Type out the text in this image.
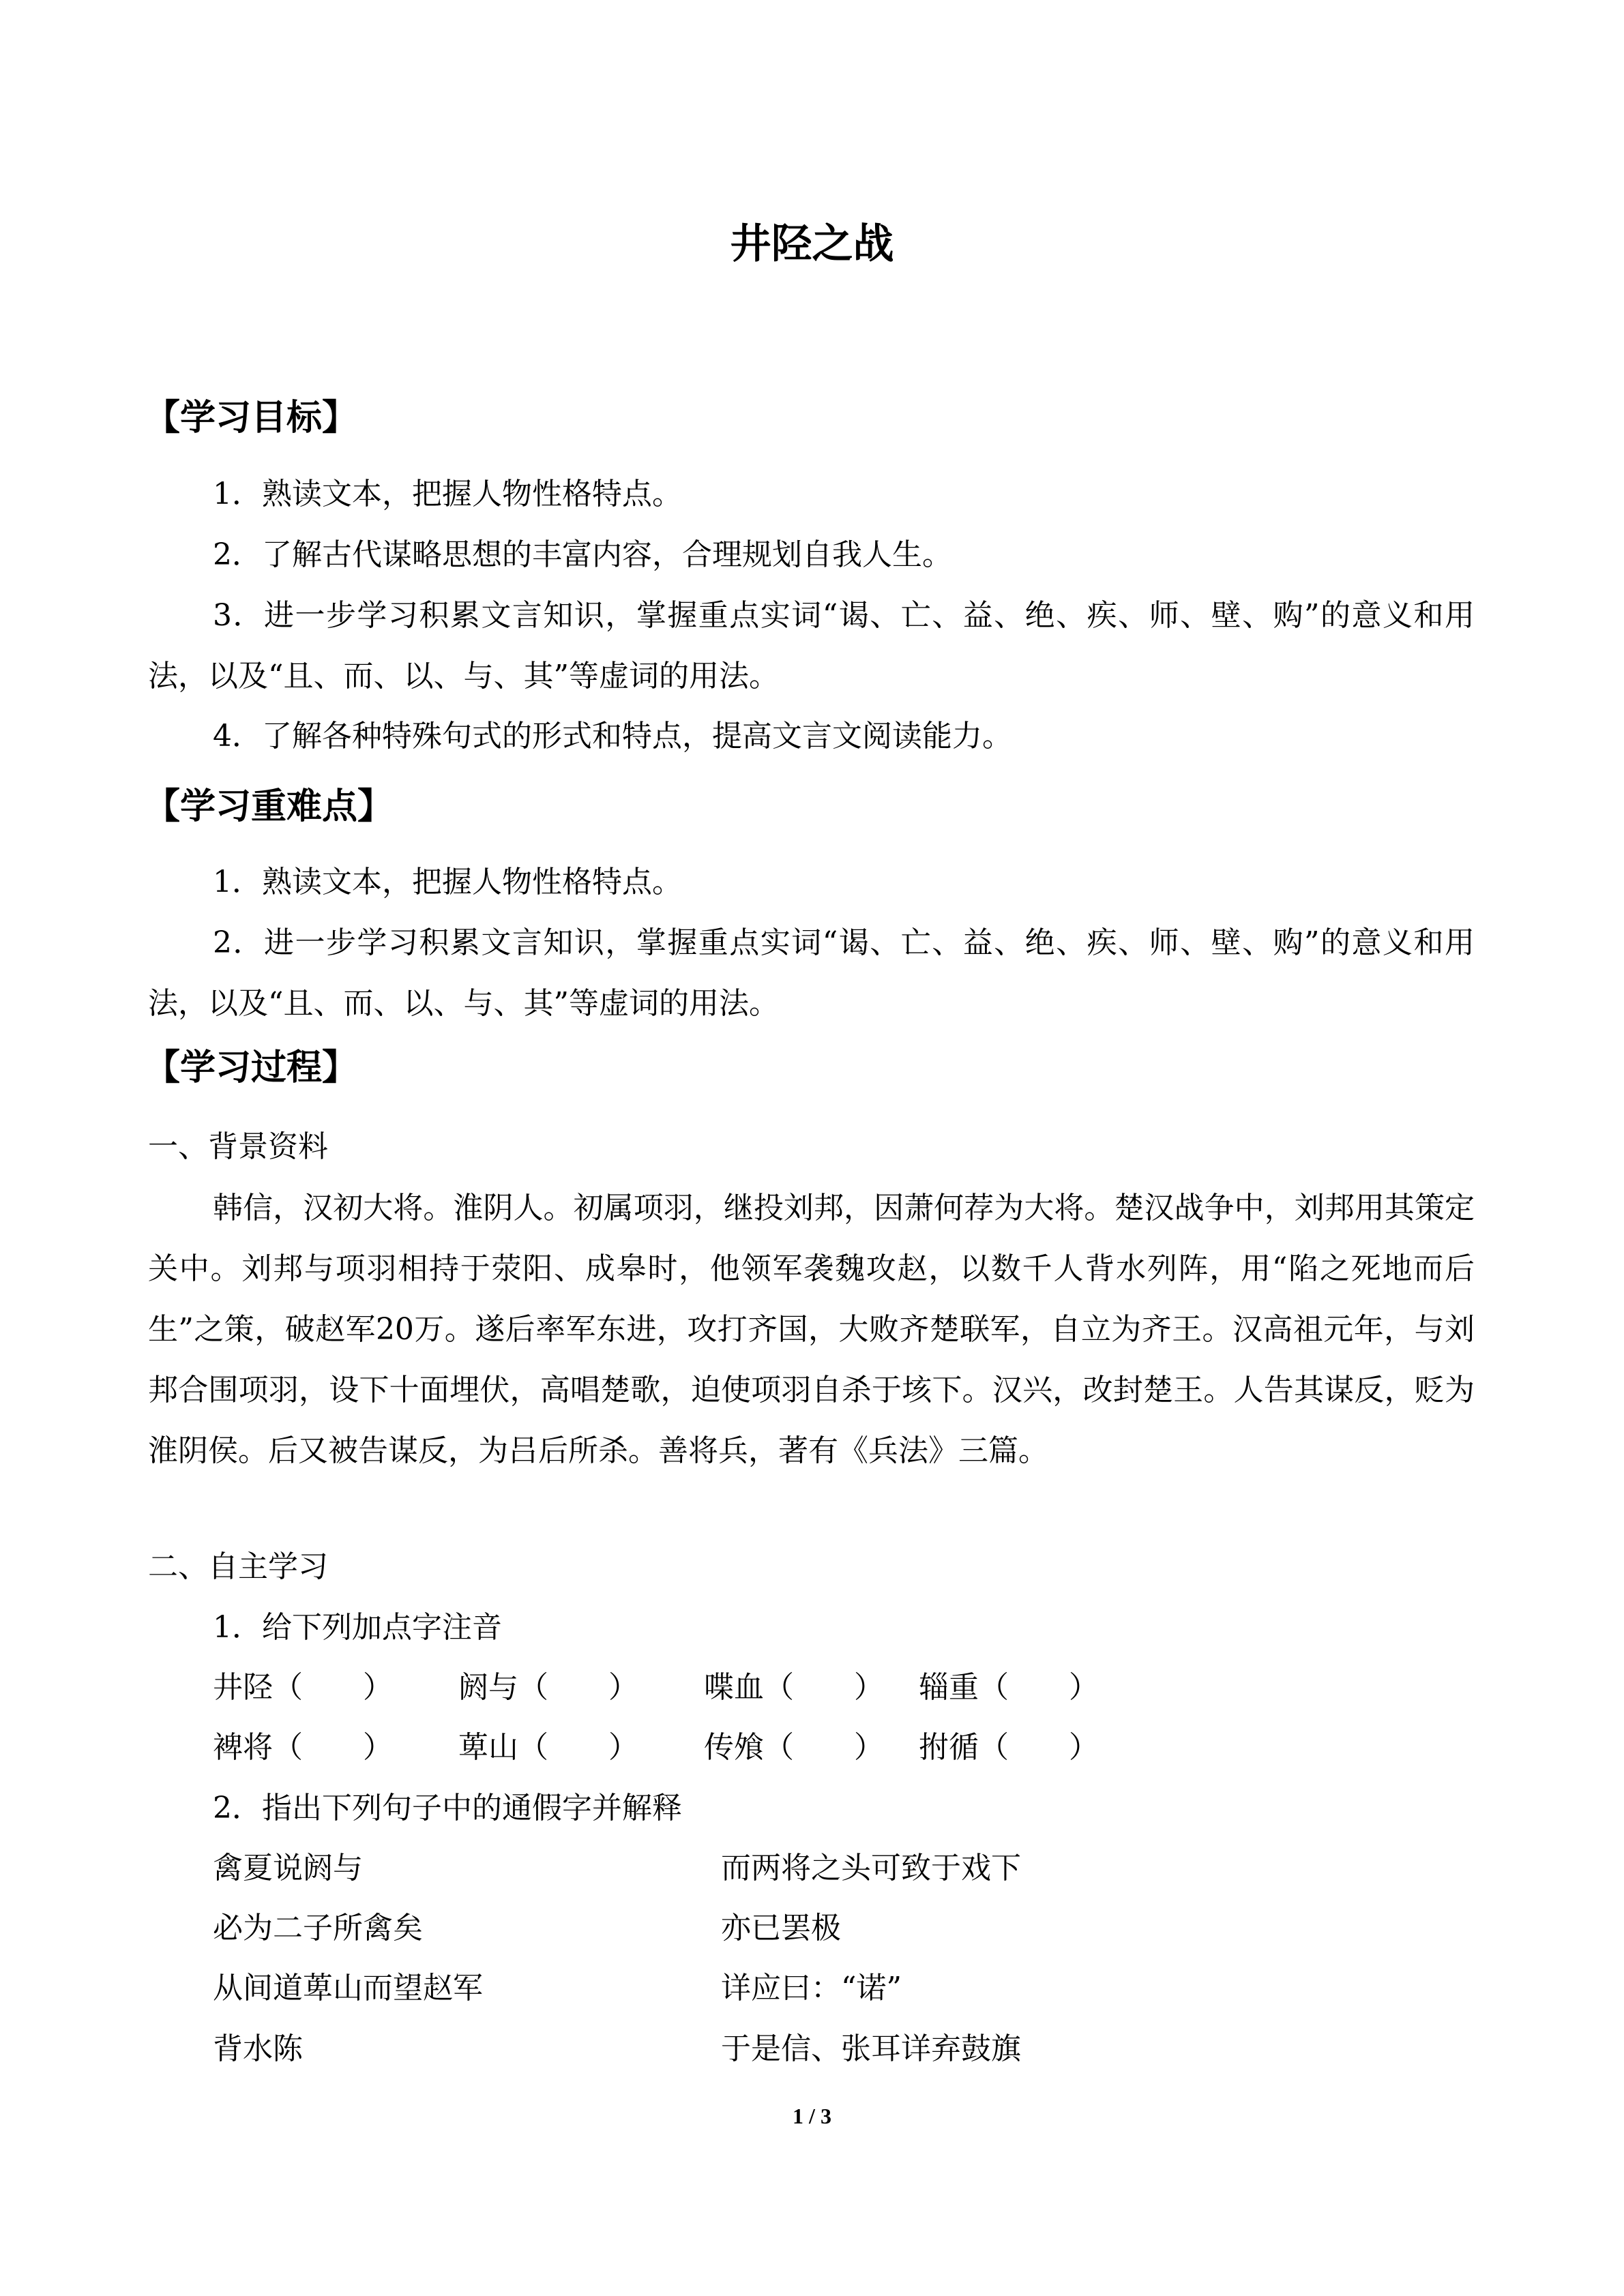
井陉之战
【学习目标】
1．熟读文本，把握人物性格特点。
2．了解古代谋略思想的丰富内容，合理规划自我人生。
3．进一步学习积累文言知识，掌握重点实词“谒、亡、益、绝、疾、师、壁、购”的意义和用法，以及“且、而、以、与、其”等虚词的用法。
4．了解各种特殊句式的形式和特点，提高文言文阅读能力。
【学习重难点】
1．熟读文本，把握人物性格特点。
2．进一步学习积累文言知识，掌握重点实词“谒、亡、益、绝、疾、师、壁、购”的意义和用法，以及“且、而、以、与、其”等虚词的用法。
【学习过程】
一、背景资料
韩信，汉初大将。淮阴人。初属项羽，继投刘邦，因萧何荐为大将。楚汉战争中，刘邦用其策定关中。刘邦与项羽相持于荥阳、成皋时，他领军袭魏攻赵，以数千人背水列阵，用“陷之死地而后生”之策，破赵军20万。遂后率军东进，攻打齐国，大败齐楚联军，自立为齐王。汉高祖元年，与刘邦合围项羽，设下十面埋伏，高唱楚歌，迫使项羽自杀于垓下。汉兴，改封楚王。人告其谋反，贬为淮阴侯。后又被告谋反，为吕后所杀。善将兵，著有《兵法》三篇。
二、自主学习
1．给下列加点字注音
井陉（　　） 阏与（　　） 喋血（　　） 辎重（　　）
裨将（　　） 萆山（　　） 传飧（　　） 拊循（　　）
2．指出下列句子中的通假字并解释
禽夏说阏与	而两将之头可致于戏下
必为二子所禽矣	亦已罢极
从间道萆山而望赵军	详应曰：“诺”
背水陈	于是信、张耳详弃鼓旗
1 / 3
